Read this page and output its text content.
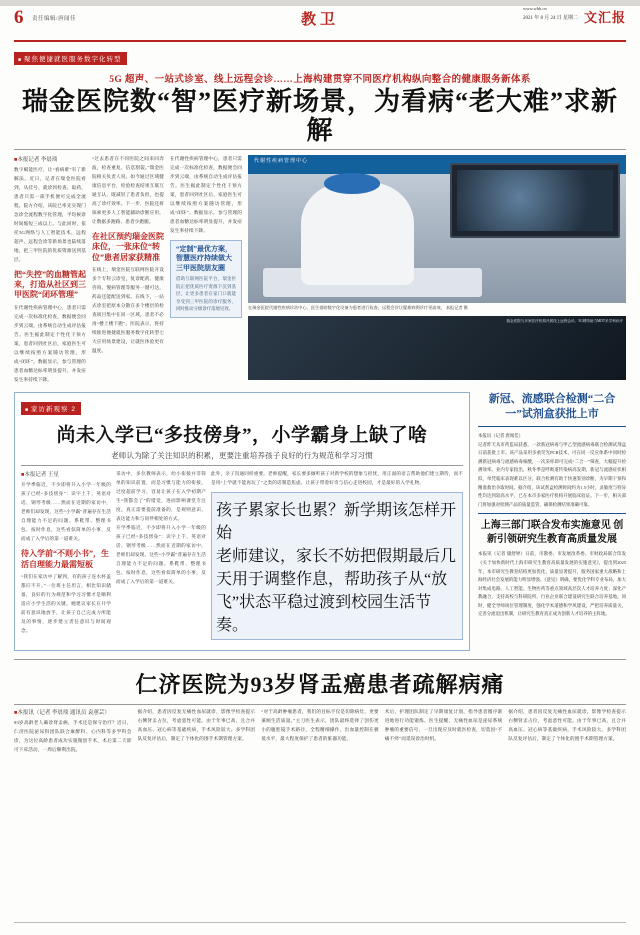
6 责任编辑/唐闻佳	教卫
www.whb.cn
2021 年 8 月 24 日 星期二 文汇报
■ 聚焦便捷就医服务数字化转型
5G 超声、一站式诊室、线上远程会诊……上海构建贯穿不同医疗机构纵向整合的健康服务新体系
瑞金医院数“智”医疗新场景，为看病“老大难”求新解
■ 本报记者 李晨琰
数字赋能医疗，让“看病难”有了新解法。近日，记者在瑞金医院看到，从挂号、就诊到检查、取药，患者只需一部手机便可完成全流程。院方介绍，该院已率先实现门急诊全流程数字化管理，平均候诊时间缩短三成以上。与此同时，依托5G网络与人工智能技术，远程超声、远程会诊等新场景也陆续落地，把三甲医院的优质资源送到基层。
把“失控”的血糖管起来，打造从社区到三甲医院“闭环管理”
在代谢性疾病管理中心，患者只需完成一次标准化检查，数据便会同步到云端，由系统自动生成评估报告。医生据此制定个性化干预方案，患者回到社区后，家庭医生可以继续按照方案随访管理，形成“闭环”。数据显示，参与管理的患者血糖达标率明显提升，并发症发生率持续下降。
“过去患者在不同医院之间来回奔波，检查重复、信息割裂。”瑞金医院相关负责人说，如今通过区域健康信息平台，检验检查结果互联互通互认，既减轻了患者负担，也提高了诊疗效率。下一步，医院还将探索更多人工智能辅助诊断应用，让数据多跑路、患者少跑腿。
在社区预约瑞金医院床位，一张床位“转位”患者居家获精准
在线上，瑞金医院互联网医院开设多个专科云诊室，复诊配药、健康咨询、慢病管理等服务一键可达，药品还能配送到家。在线下，一站式诊室把原本分散在多个楼层的检查项目集中在同一区域，患者不必再“楼上楼下跑”。医院表示，将持续推进便捷就医服务数字化转型七大应用场景建设，让就医体验更有温度。
在代谢性疾病管理中心，患者只需完成一次标准化检查，数据便会同步到云端，由系统自动生成评估报告。医生据此制定个性化干预方案，患者回到社区后，家庭医生可以继续按照方案随访管理，形成“闭环”。数据显示，参与管理的患者血糖达标率明显提升，并发症发生率持续下降。
“定制”最优方案，智慧医疗持续做大三甲医院朋友圈
借助互联网医院平台，瑞金医院正把优质医疗资源下沉到基层，让更多患者在家门口就能享受到三甲医院的诊疗服务，同时推动分级诊疗落地见效。
代谢性疾病管理中心
在瑞金医院代谢性疾病诊治中心，医生借助数字化设备为患者进行检查，远程会诊让疑难病例诊疗更高效。 本报记者 摄
瑞金医院与多家医疗机构开展线上远程会诊，5G网络助力MDT多学科诊疗
■ 家访新观察 2
尚未入学已“多技傍身”，小学霸身上缺了啥
老师认为除了关注知识的积累，更要注重培养孩子良好的行为规范和学习习惯
■ 本报记者 王星
开学季临近，不少即将升入小学一年级的孩子已经“多技傍身”：识字上千、英语对话、钢琴考级……然而在近期的家访中，老师们却发现，这些“小学霸”普遍存在生活自理能力不足的问题。系鞋带、整理书包、按时作息，这些看似简单的小事，反而成了入学后的第一道难关。
待入学前“不则小书”，生活自理能力最需短板
“我们在家访中了解到，有的孩子连水杯盖都拧不开。”一位班主任坦言，相比知识储备，良好的行为规范和学习习惯才是顺利适应小学生活的关键。她建议家长在开学前有意识地放手，让孩子自己完成力所能及的事情，逐步建立责任意识与时间观念。
采访中，多位教师表示，幼小衔接并非简单的知识前置，而是习惯与能力的衔接。过度超前学习，容易让孩子在入学初期产生“我都会了”的错觉，进而影响课堂专注度。真正需要提前准备的，是规则意识、表达能力和与同伴相处的方式。
开学季临近，不少即将升入小学一年级的孩子已经“多技傍身”：识字上千、英语对话、钢琴考级……然而在近期的家访中，老师们却发现，这些“小学霸”普遍存在生活自理能力不足的问题。系鞋带、整理书包、按时作息，这些看似简单的小事，反而成了入学后的第一道难关。
此外，亲子沟通同样重要。老师提醒，家长要多倾听孩子对新学校的想象与担忧，用正面的语言帮助他们建立期待，而不是用“上学就不能再玩了”之类的话制造焦虑。让孩子带着好奇与信心走进校园，才是最好的入学礼物。
孩子累家长也累？新学期该怎样开始
老师建议，家长不妨把假期最后几天用于调整作息，帮助孩子从“放飞”状态平稳过渡到校园生活节奏。
新冠、流感联合检测“二合一”试剂盒获批上市
本报讯（记者 唐闻佳）
记者昨天从市药监局获悉，一款新冠病毒与甲乙型流感病毒联合检测试剂盒日前获批上市。该产品采用多重荧光PCR技术，可在同一反应体系中同时检测新冠病毒与流感病毒核酸，一次采样即可完成“二合一”筛查，大幅提升检测效率。业内专家指出，秋冬季是呼吸道传染病高发期，新冠与流感症状相似，单凭临床表现难以区分，联合检测有助于快速鉴别诊断，为早期干预和精准救治争取时间。据介绍，该试剂盒检测时间约为1.5小时，灵敏度与特异性均达到较高水平，已在本市多家医疗机构开展临床验证。下一步，相关部门将加强对检测产品的质量监管，确保检测结果准确可靠。
上海三部门联合发布实施意见 创新引领研究生教育高质量发展
本报讯（记者 储舒婷）日前，市教委、市发展改革委、市财政局联合印发《关于加快新时代上海市研究生教育高质量发展的实施意见》，提出到2025年，本市研究生教育结构更加优化、质量显著提升，服务国家重大战略和上海经济社会发展的能力明显增强。《意见》明确，要优化学科专业布局，加大对集成电路、人工智能、生物医药等重点领域高层次人才培养力度；深化产教融合，支持高校与科研院所、行业企业联合建设研究生联合培养基地。同时，健全导师岗位管理制度，强化学术道德和学风建设，严把培养质量关，完善分流退出机制，让研究生教育真正成为创新人才培养的主阵地。
仁济医院为93岁肾盂癌患者疏解病痛
■ 本报讯（记者 李晨琰 通讯员 袁蕙芸）
93岁高龄老人确诊肾盂癌，手术还是保守治疗？近日，仁济医院泌尿科团队联合麻醉科、心内科等多学科会诊，为这位高龄患者成功实施微创手术，术后第二天即可下床活动，一周后顺利出院。
据介绍，患者因反复无痛性血尿就诊，影像学检查提示右侧肾盂占位，考虑恶性可能。由于年事已高，且合并高血压、冠心病等基础疾病，手术风险较大。多学科团队反复评估后，制定了个体化的围手术期管理方案。
“对于高龄肿瘤患者，我们的目标不仅是切除病灶，更要兼顾生活质量。”主刀医生表示，团队最终选择了创伤更小的腹腔镜手术路径，全程精细操作，出血量控制在极低水平，最大程度保护了患者的脏器功能。
术后，护理团队制定了早期康复计划，指导患者循序渐进地进行功能锻炼。医生提醒，无痛性血尿是泌尿系统肿瘤的重要信号，一旦出现应及时就医检查，切莫因“不痛不痒”而延误诊治时机。
据介绍，患者因反复无痛性血尿就诊，影像学检查提示右侧肾盂占位，考虑恶性可能。由于年事已高，且合并高血压、冠心病等基础疾病，手术风险较大。多学科团队反复评估后，制定了个体化的围手术期管理方案。
